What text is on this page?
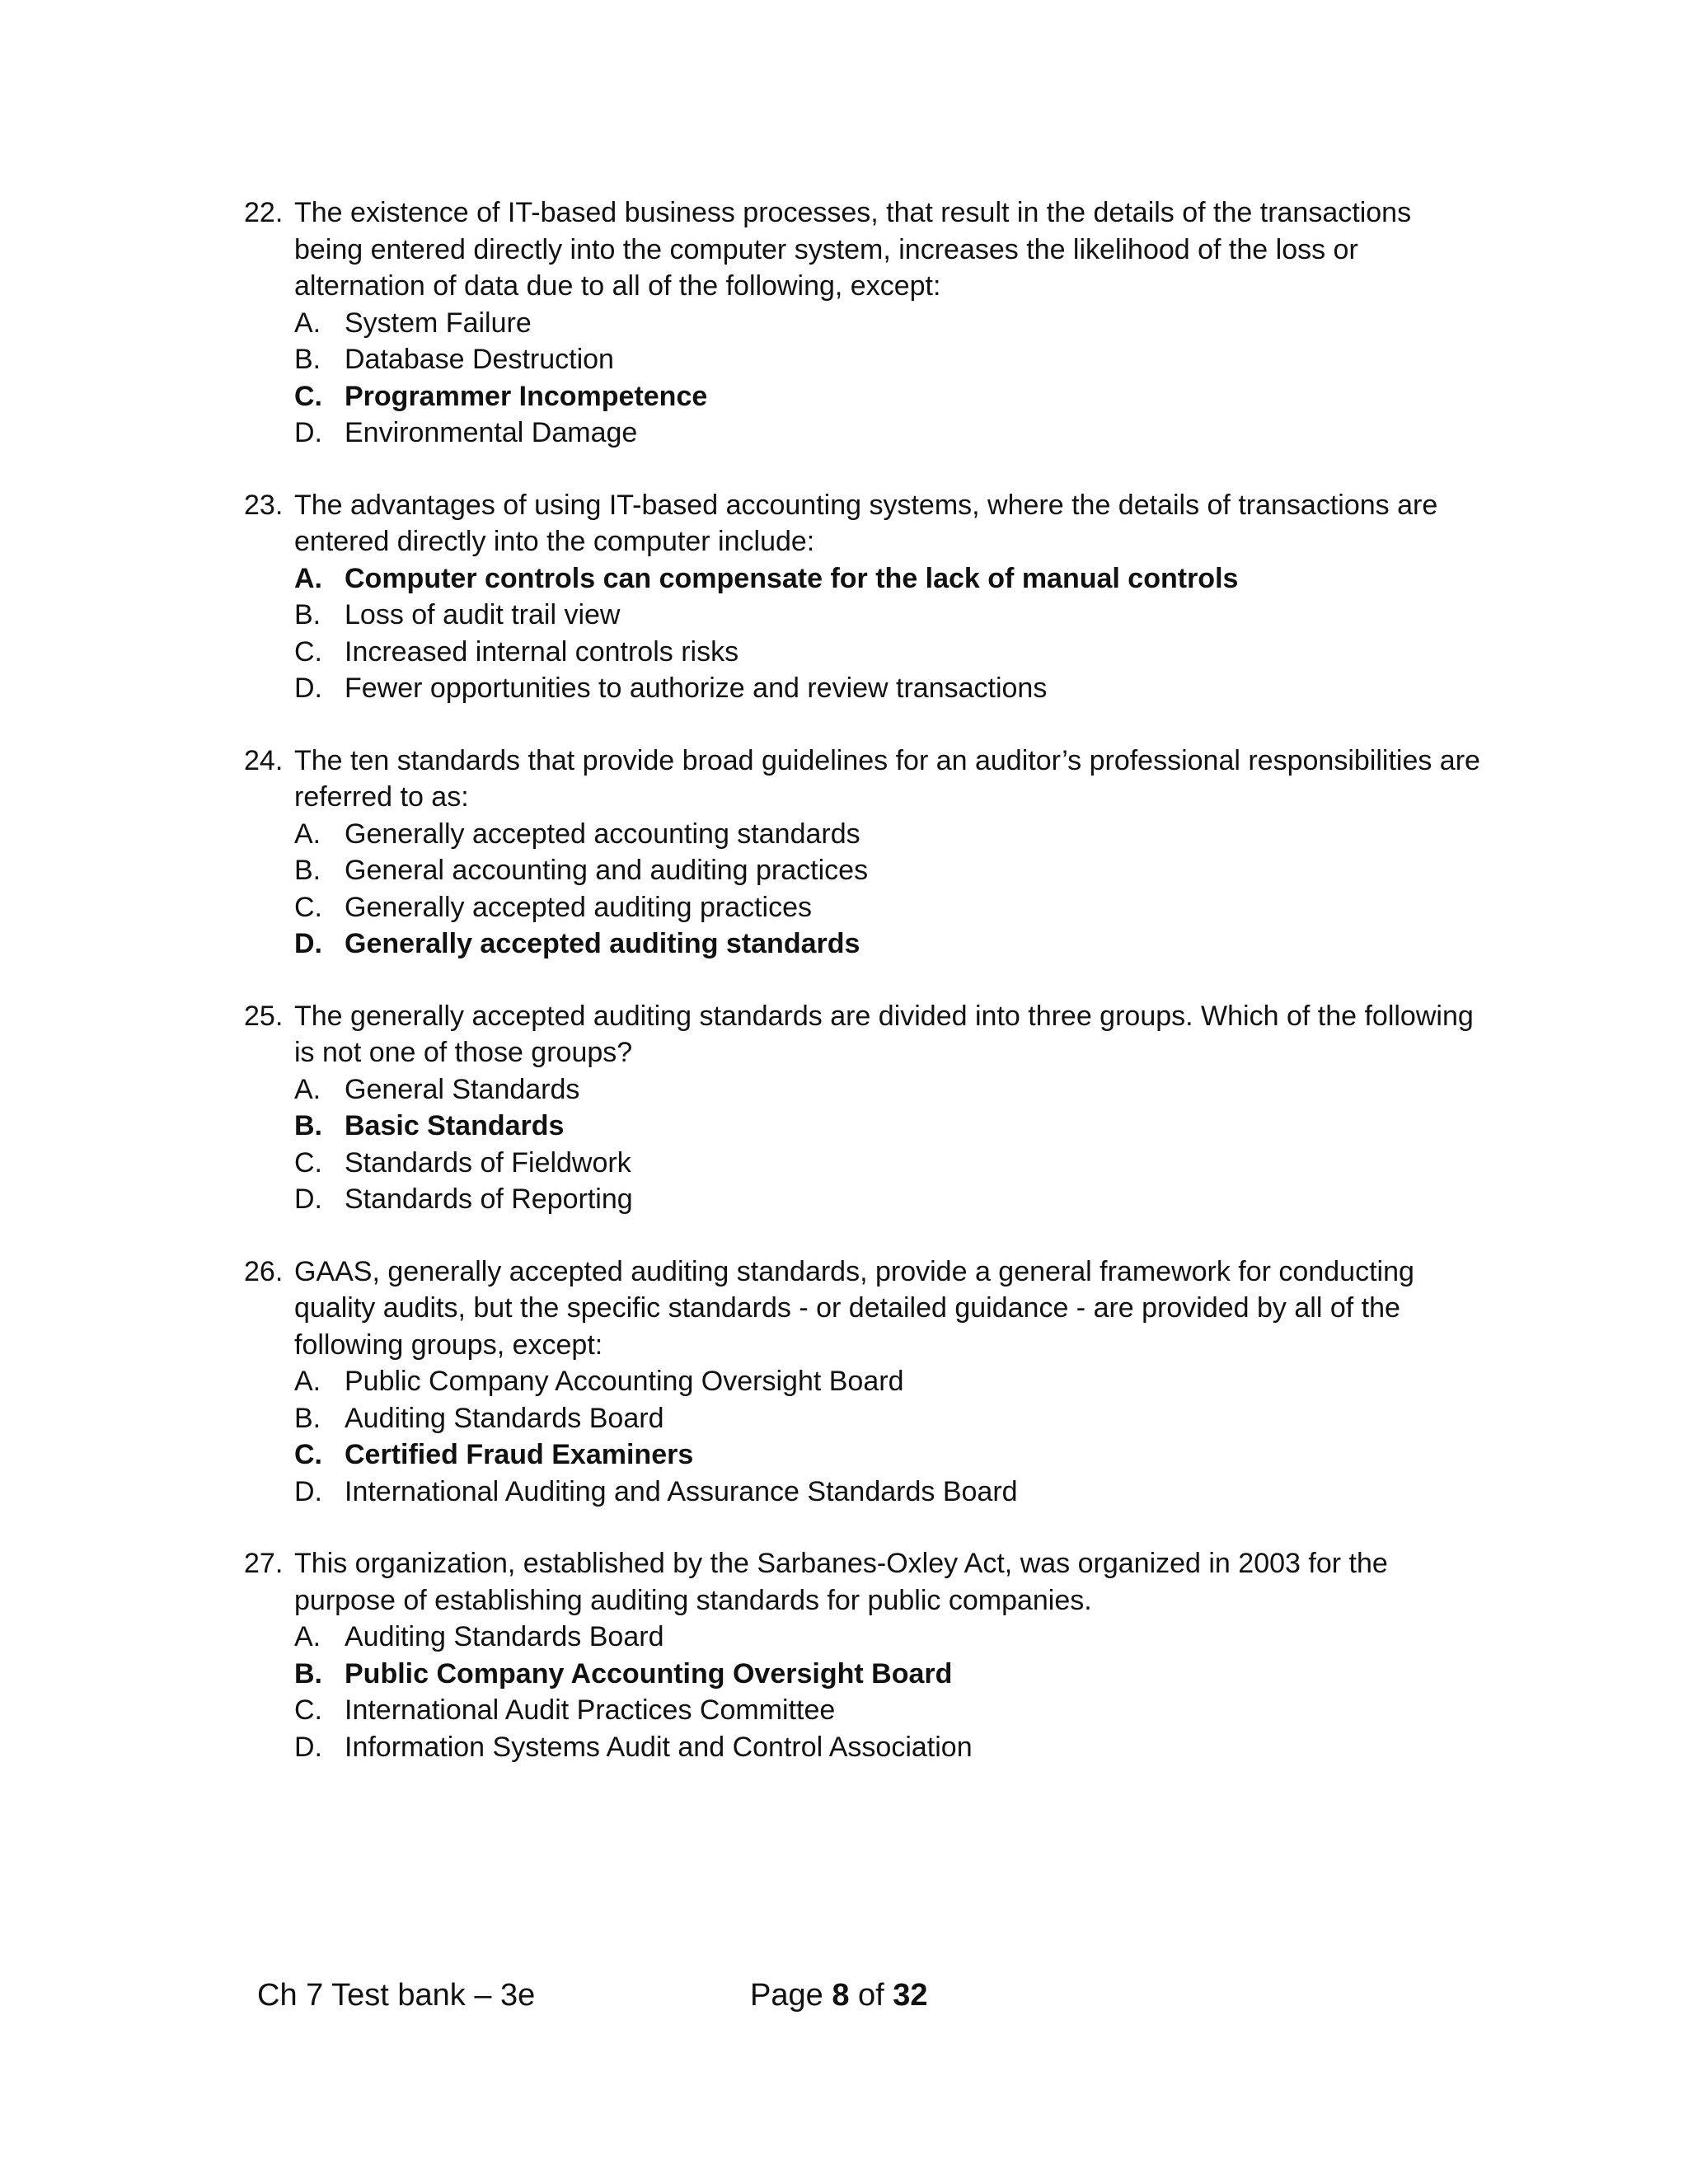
22. The existence of IT-based business processes, that result in the details of the transactions being entered directly into the computer system, increases the likelihood of the loss or alternation of data due to all of the following, except:
A. System Failure
B. Database Destruction
C. Programmer Incompetence
D. Environmental Damage
23. The advantages of using IT-based accounting systems, where the details of transactions are entered directly into the computer include:
A. Computer controls can compensate for the lack of manual controls
B. Loss of audit trail view
C. Increased internal controls risks
D. Fewer opportunities to authorize and review transactions
24. The ten standards that provide broad guidelines for an auditor’s professional responsibilities are referred to as:
A. Generally accepted accounting standards
B. General accounting and auditing practices
C. Generally accepted auditing practices
D. Generally accepted auditing standards
25. The generally accepted auditing standards are divided into three groups. Which of the following is not one of those groups?
A. General Standards
B. Basic Standards
C. Standards of Fieldwork
D. Standards of Reporting
26. GAAS, generally accepted auditing standards, provide a general framework for conducting quality audits, but the specific standards - or detailed guidance - are provided by all of the following groups, except:
A. Public Company Accounting Oversight Board
B. Auditing Standards Board
C. Certified Fraud Examiners
D. International Auditing and Assurance Standards Board
27. This organization, established by the Sarbanes-Oxley Act, was organized in 2003 for the purpose of establishing auditing standards for public companies.
A. Auditing Standards Board
B. Public Company Accounting Oversight Board
C. International Audit Practices Committee
D. Information Systems Audit and Control Association
Ch 7 Test bank – 3e	Page 8 of 32
